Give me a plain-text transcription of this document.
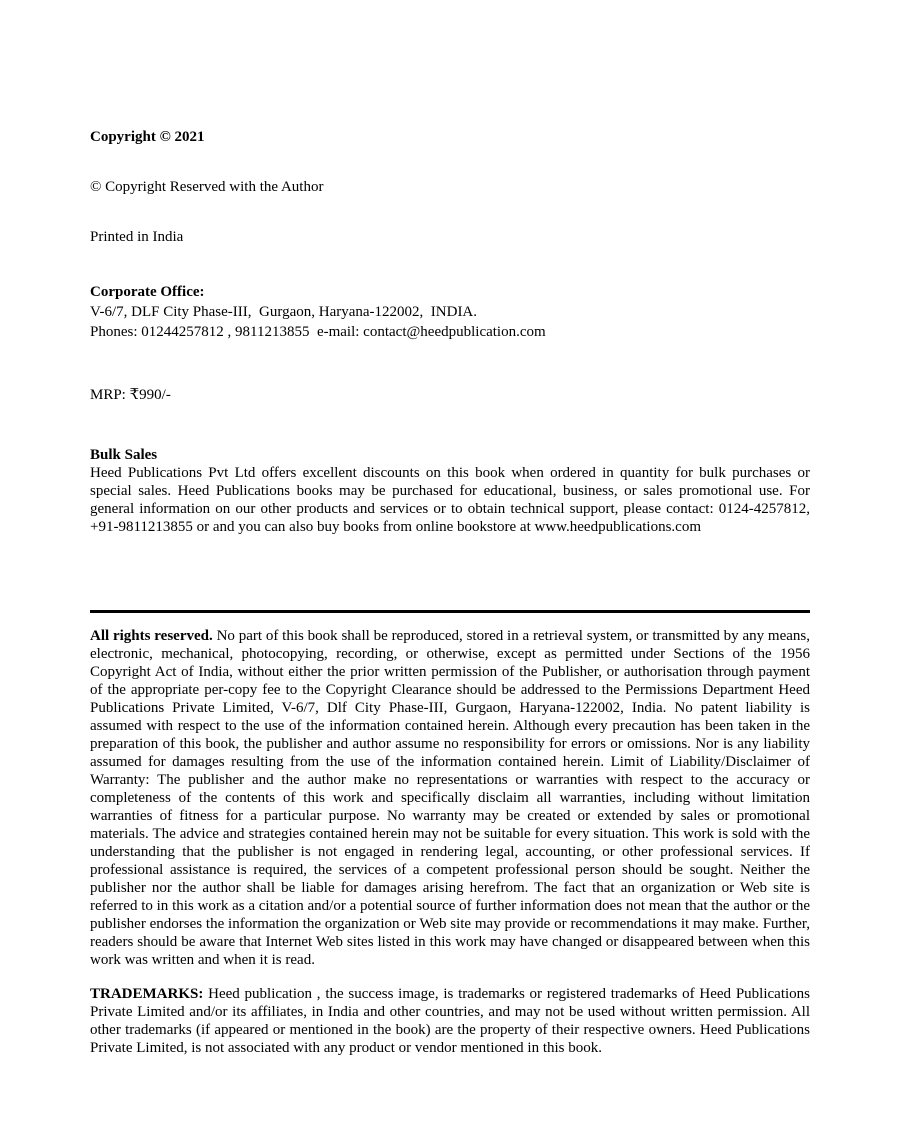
Copyright © 2021

© Copyright Reserved with the Author

Printed in India

Corporate Office:

V-6/7, DLF City Phase-III,  Gurgaon, Haryana-122002,  INDIA.

Phones: 01244257812 , 9811213855  e-mail: contact@heedpublication.com

MRP: ₹990/-

Bulk Sales

Heed Publications Pvt Ltd offers excellent discounts on this book when ordered in quantity for bulk purchases or special sales. Heed Publications books may be purchased for educational, business, or sales promotional use. For general information on our other products and services or to obtain technical support, please contact: 0124-4257812, +91-9811213855 or and you can also buy books from online bookstore at www.heedpublications.com

All rights reserved. No part of this book shall be reproduced, stored in a retrieval system, or transmitted by any means, electronic, mechanical, photocopying, recording, or otherwise, except as permitted under Sections of the 1956 Copyright Act of India, without either the prior written permission of the Publisher, or authorisation through payment of the appropriate per-copy fee to the Copyright Clearance should be addressed to the Permissions Department Heed Publications Private Limited, V-6/7, Dlf City Phase-III, Gurgaon, Haryana-122002, India. No patent liability is assumed with respect to the use of the information contained herein. Although every precaution has been taken in the preparation of this book, the publisher and author assume no responsibility for errors or omissions. Nor is any liability assumed for damages resulting from the use of the information contained herein. Limit of Liability/Disclaimer of Warranty: The publisher and the author make no representations or warranties with respect to the accuracy or completeness of the contents of this work and specifically disclaim all warranties, including without limitation warranties of fitness for a particular purpose. No warranty may be created or extended by sales or promotional materials. The advice and strategies contained herein may not be suitable for every situation. This work is sold with the understanding that the publisher is not engaged in rendering legal, accounting, or other professional services. If professional assistance is required, the services of a competent professional person should be sought. Neither the publisher nor the author shall be liable for damages arising herefrom. The fact that an organization or Web site is referred to in this work as a citation and/or a potential source of further information does not mean that the author or the publisher endorses the information the organization or Web site may provide or recommendations it may make. Further, readers should be aware that Internet Web sites listed in this work may have changed or disappeared between when this work was written and when it is read.

TRADEMARKS: Heed publication , the success image, is trademarks or registered trademarks of Heed Publications Private Limited and/or its affiliates, in India and other countries, and may not be used without written permission. All other trademarks (if appeared or mentioned in the book) are the property of their respective owners. Heed Publications Private Limited, is not associated with any product or vendor mentioned in this book.
